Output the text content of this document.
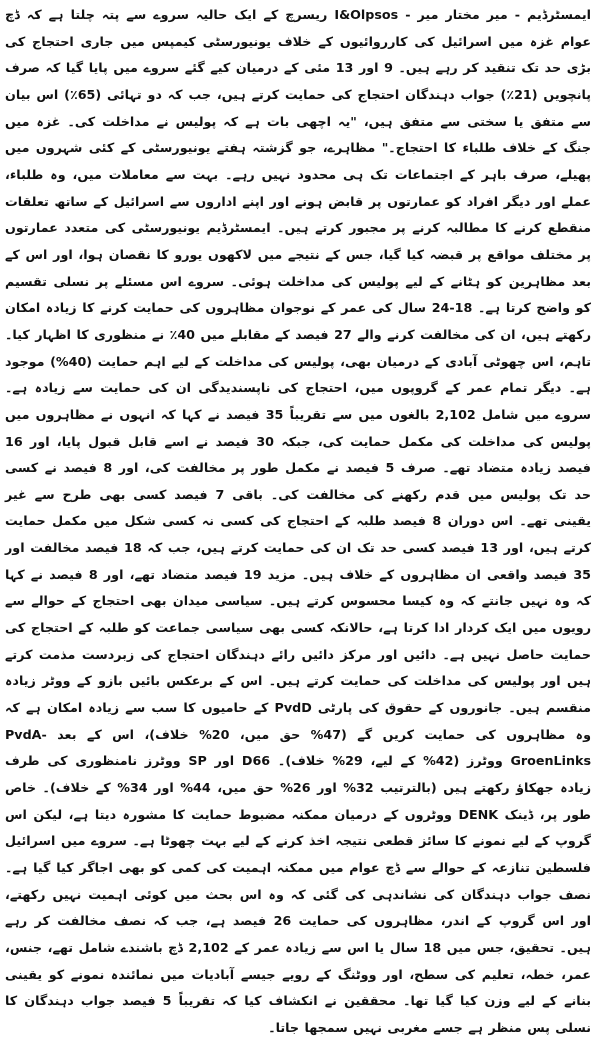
ایمسٹرڈیم - میر مختار میر - I&Olpsos ریسرچ کے ایک حالیہ سروے سے پتہ چلتا ہے کہ ڈچ عوام غزہ میں اسرائیل کی کارروائیوں کے خلاف یونیورسٹی کیمپس میں جاری احتجاج کی بڑی حد تک تنقید کر رہے ہیں۔ 9 اور 13 مئی کے درمیان کیے گئے سروے میں پایا گیا کہ صرف پانچویں (21٪) جواب دہندگان احتجاج کی حمایت کرتے ہیں، جب کہ دو تہائی (65٪) اس بیان سے متفق یا سختی سے متفق ہیں، "یہ اچھی بات ہے کہ پولیس نے مداخلت کی۔ غزہ میں جنگ کے خلاف طلباء کا احتجاج۔" مظاہرے، جو گزشتہ ہفتے یونیورسٹی کے کئی شہروں میں پھیلے، صرف باہر کے اجتماعات تک ہی محدود نہیں رہے۔ بہت سے معاملات میں، وہ طلباء، عملے اور دیگر افراد کو عمارتوں پر قابض ہونے اور اپنے اداروں سے اسرائیل کے ساتھ تعلقات منقطع کرنے کا مطالبہ کرنے پر مجبور کرتے ہیں۔ ایمسٹرڈیم یونیورسٹی کی متعدد عمارتوں پر مختلف مواقع پر قبضہ کیا گیا، جس کے نتیجے میں لاکھوں یورو کا نقصان ہوا، اور اس کے بعد مظاہرین کو ہٹانے کے لیے پولیس کی مداخلت ہوئی۔ سروے اس مسئلے پر نسلی تقسیم کو واضح کرتا ہے۔ 18-24 سال کی عمر کے نوجوان مظاہروں کی حمایت کرنے کا زیادہ امکان رکھتے ہیں، ان کی مخالفت کرنے والے 27 فیصد کے مقابلے میں 40٪ نے منظوری کا اظہار کیا۔ تاہم، اس چھوٹی آبادی کے درمیان بھی، پولیس کی مداخلت کے لیے اہم حمایت (40%) موجود ہے۔ دیگر تمام عمر کے گروپوں میں، احتجاج کی ناپسندیدگی ان کی حمایت سے زیادہ ہے۔ سروے میں شامل 2,102 بالغوں میں سے تقریباً 35 فیصد نے کہا کہ انہوں نے مظاہروں میں پولیس کی مداخلت کی مکمل حمایت کی، جبکہ 30 فیصد نے اسے قابل قبول پایا، اور 16 فیصد زیادہ متضاد تھے۔ صرف 5 فیصد نے مکمل طور پر مخالفت کی، اور 8 فیصد نے کسی حد تک پولیس میں قدم رکھنے کی مخالفت کی۔ باقی 7 فیصد کسی بھی طرح سے غیر یقینی تھے۔ اس دوران 8 فیصد طلبہ کے احتجاج کی کسی نہ کسی شکل میں مکمل حمایت کرتے ہیں، اور 13 فیصد کسی حد تک ان کی حمایت کرتے ہیں، جب کہ 18 فیصد مخالفت اور 35 فیصد واقعی ان مظاہروں کے خلاف ہیں۔ مزید 19 فیصد متضاد تھے، اور 8 فیصد نے کہا کہ وہ نہیں جانتے کہ وہ کیسا محسوس کرتے ہیں۔ سیاسی میدان بھی احتجاج کے حوالے سے رویوں میں ایک کردار ادا کرتا ہے، حالانکہ کسی بھی سیاسی جماعت کو طلبہ کے احتجاج کی حمایت حاصل نہیں ہے۔ دائیں اور مرکز دائیں رائے دہندگان احتجاج کی زبردست مذمت کرتے ہیں اور پولیس کی مداخلت کی حمایت کرتے ہیں۔ اس کے برعکس بائیں بازو کے ووٹر زیادہ منقسم ہیں۔ جانوروں کے حقوق کی پارٹی PvdD کے حامیوں کا سب سے زیادہ امکان ہے کہ وہ مظاہروں کی حمایت کریں گے (47% حق میں، 20% خلاف)، اس کے بعد PvdA-GroenLinks ووٹرز (42% کے لیے، 29% خلاف)۔ D66 اور SP ووٹرز نامنظوری کی طرف زیادہ جھکاؤ رکھتے ہیں (بالترتیب 32% اور 26% حق میں، 44% اور 34% کے خلاف)۔ خاص طور پر، ڈینک DENK ووٹروں کے درمیان ممکنہ مضبوط حمایت کا مشورہ دیتا ہے، لیکن اس گروپ کے لیے نمونے کا سائز قطعی نتیجہ اخذ کرنے کے لیے بہت چھوٹا ہے۔ سروے میں اسرائیل فلسطین تنازعہ کے حوالے سے ڈچ عوام میں ممکنہ اہمیت کی کمی کو بھی اجاگر کیا گیا ہے۔ نصف جواب دہندگان کی نشاندہی کی گئی کہ وہ اس بحث میں کوئی اہمیت نہیں رکھتے، اور اس گروپ کے اندر، مظاہروں کی حمایت 26 فیصد ہے، جب کہ نصف مخالفت کر رہے ہیں۔ تحقیق، جس میں 18 سال یا اس سے زیادہ عمر کے 2,102 ڈچ باشندے شامل تھے، جنس، عمر، خطہ، تعلیم کی سطح، اور ووٹنگ کے رویے جیسے آبادیات میں نمائندہ نمونے کو یقینی بنانے کے لیے وزن کیا گیا تھا۔ محققین نے انکشاف کیا کہ تقریباً 5 فیصد جواب دہندگان کا نسلی پس منظر ہے جسے مغربی نہیں سمجھا جاتا۔
